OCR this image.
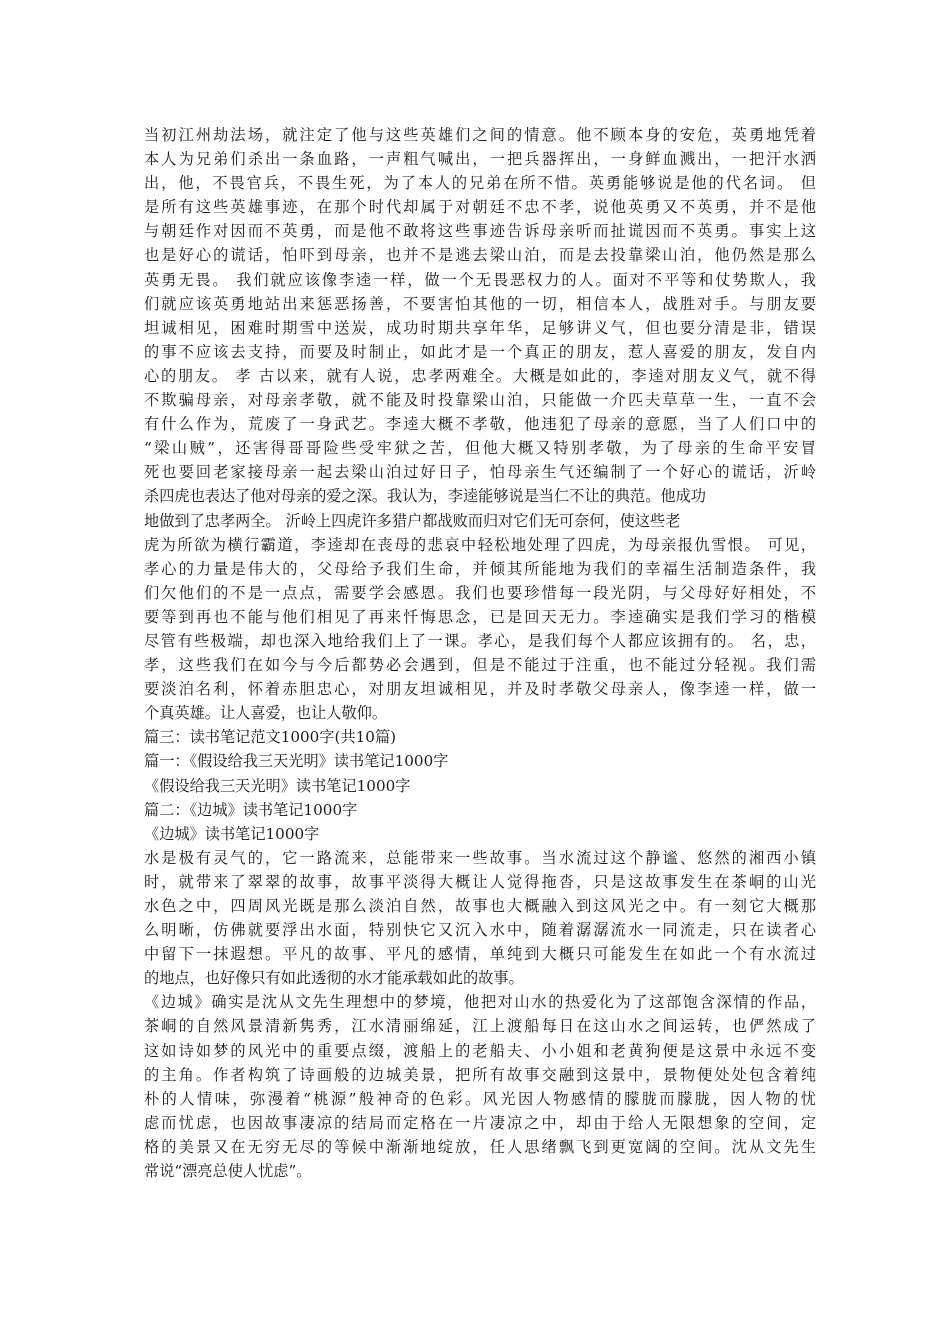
当初江州劫法场，就注定了他与这些英雄们之间的情意。他不顾本身的安危，英勇地凭着
本人为兄弟们杀出一条血路，一声粗气喊出，一把兵器挥出，一身鲜血溅出，一把汗水洒
出，他，不畏官兵，不畏生死，为了本人的兄弟在所不惜。英勇能够说是他的代名词。 但
是所有这些英雄事迹，在那个时代却属于对朝廷不忠不孝，说他英勇又不英勇，并不是他
与朝廷作对因而不英勇，而是他不敢将这些事迹告诉母亲听而扯谎因而不英勇。事实上这
也是好心的谎话，怕吓到母亲，也并不是逃去梁山泊，而是去投靠梁山泊，他仍然是那么
英勇无畏。 我们就应该像李逵一样，做一个无畏恶权力的人。面对不平等和仗势欺人，我
们就应该英勇地站出来惩恶扬善，不要害怕其他的一切，相信本人，战胜对手。与朋友要
坦诚相见，困难时期雪中送炭，成功时期共享年华，足够讲义气，但也要分清是非，错误
的事不应该去支持，而要及时制止，如此才是一个真正的朋友，惹人喜爱的朋友，发自内
心的朋友。 孝 古以来，就有人说，忠孝两难全。大概是如此的，李逵对朋友义气，就不得
不欺骗母亲，对母亲孝敬，就不能及时投靠梁山泊，只能做一介匹夫草草一生，一直不会
有什么作为，荒废了一身武艺。李逵大概不孝敬，他违犯了母亲的意愿，当了人们口中的
“梁山贼”，还害得哥哥险些受牢狱之苦，但他大概又特别孝敬，为了母亲的生命平安冒
死也要回老家接母亲一起去梁山泊过好日子，怕母亲生气还编制了一个好心的谎话，沂岭
杀四虎也表达了他对母亲的爱之深。我认为，李逵能够说是当仁不让的典范。他成功
地做到了忠孝两全。 沂岭上四虎许多猎户都战败而归对它们无可奈何，使这些老
虎为所欲为横行霸道，李逵却在丧母的悲哀中轻松地处理了四虎，为母亲报仇雪恨。 可见，
孝心的力量是伟大的，父母给予我们生命，并倾其所能地为我们的幸福生活制造条件，我
们欠他们的不是一点点，需要学会感恩。我们也要珍惜每一段光阴，与父母好好相处，不
要等到再也不能与他们相见了再来忏悔思念，已是回天无力。李逵确实是我们学习的楷模
尽管有些极端，却也深入地给我们上了一课。孝心，是我们每个人都应该拥有的。 名，忠，
孝，这些我们在如今与今后都势必会遇到，但是不能过于注重，也不能过分轻视。我们需
要淡泊名利，怀着赤胆忠心，对朋友坦诚相见，并及时孝敬父母亲人，像李逵一样，做一
个真英雄。让人喜爱，也让人敬仰。
篇三：读书笔记范文1000字(共10篇)
篇一：《假设给我三天光明》读书笔记1000字
《假设给我三天光明》读书笔记1000字
篇二：《边城》读书笔记1000字
《边城》读书笔记1000字
水是极有灵气的，它一路流来，总能带来一些故事。当水流过这个静谧、悠然的湘西小镇
时，就带来了翠翠的故事，故事平淡得大概让人觉得拖沓，只是这故事发生在茶峒的山光
水色之中，四周风光既是那么淡泊自然，故事也大概融入到这风光之中。有一刻它大概那
么明晰，仿佛就要浮出水面，特别快它又沉入水中，随着潺潺流水一同流走，只在读者心
中留下一抹遐想。平凡的故事、平凡的感情，单纯到大概只可能发生在如此一个有水流过
的地点，也好像只有如此透彻的水才能承载如此的故事。
《边城》确实是沈从文先生理想中的梦境，他把对山水的热爱化为了这部饱含深情的作品，
茶峒的自然风景清新隽秀，江水清丽绵延，江上渡船每日在这山水之间运转，也俨然成了
这如诗如梦的风光中的重要点缀，渡船上的老船夫、小小姐和老黄狗便是这景中永远不变
的主角。作者构筑了诗画般的边城美景，把所有故事交融到这景中，景物便处处包含着纯
朴的人情味，弥漫着“桃源”般神奇的色彩。风光因人物感情的朦胧而朦胧，因人物的忧
虑而忧虑，也因故事凄凉的结局而定格在一片凄凉之中，却由于给人无限想象的空间，定
格的美景又在无穷无尽的等候中渐渐地绽放，任人思绪飘飞到更宽阔的空间。沈从文先生
常说“漂亮总使人忧虑”。
